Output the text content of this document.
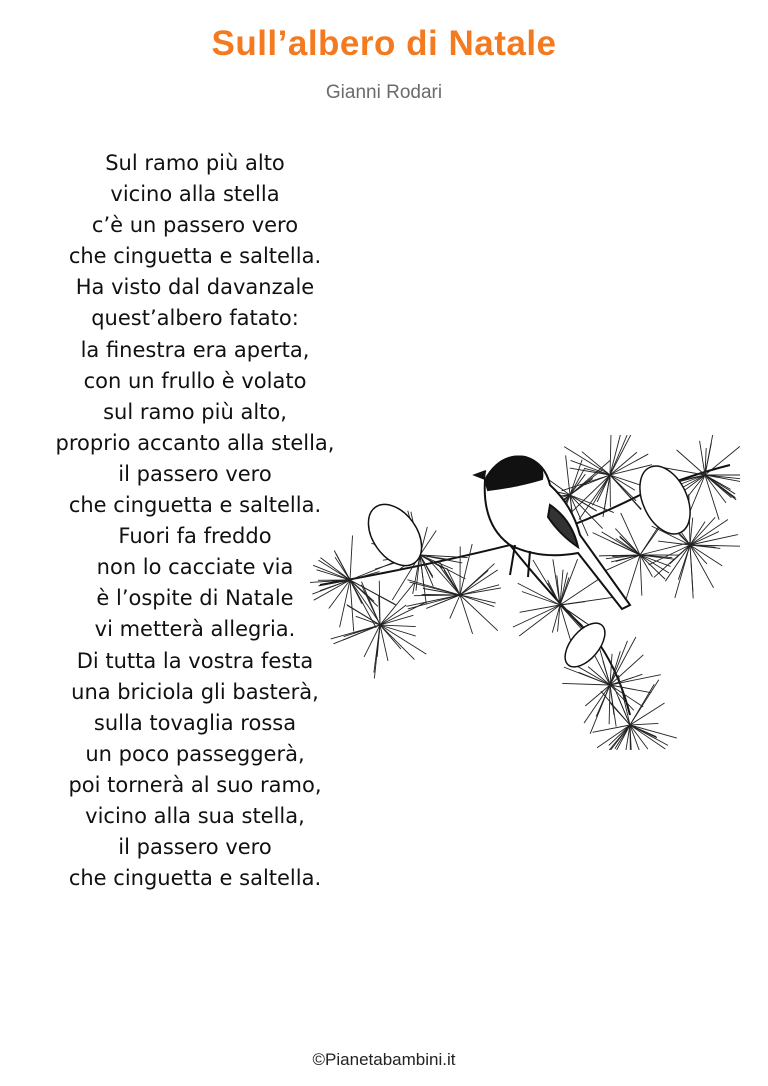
Sull’albero di Natale
Gianni Rodari
Sul ramo più alto
vicino alla stella
c’è un passero vero
che cinguetta e saltella.
Ha visto dal davanzale
quest’albero fatato:
la finestra era aperta,
con un frullo è volato
sul ramo più alto,
proprio accanto alla stella,
il passero vero
che cinguetta e saltella.
Fuori fa freddo
non lo cacciate via
è l’ospite di Natale
vi metterà allegria.
Di tutta la vostra festa
una briciola gli basterà,
sulla tovaglia rossa
un poco passeggerà,
poi tornerà al suo ramo,
vicino alla sua stella,
il passero vero
che cinguetta e saltella.
©Pianetabambini.it
